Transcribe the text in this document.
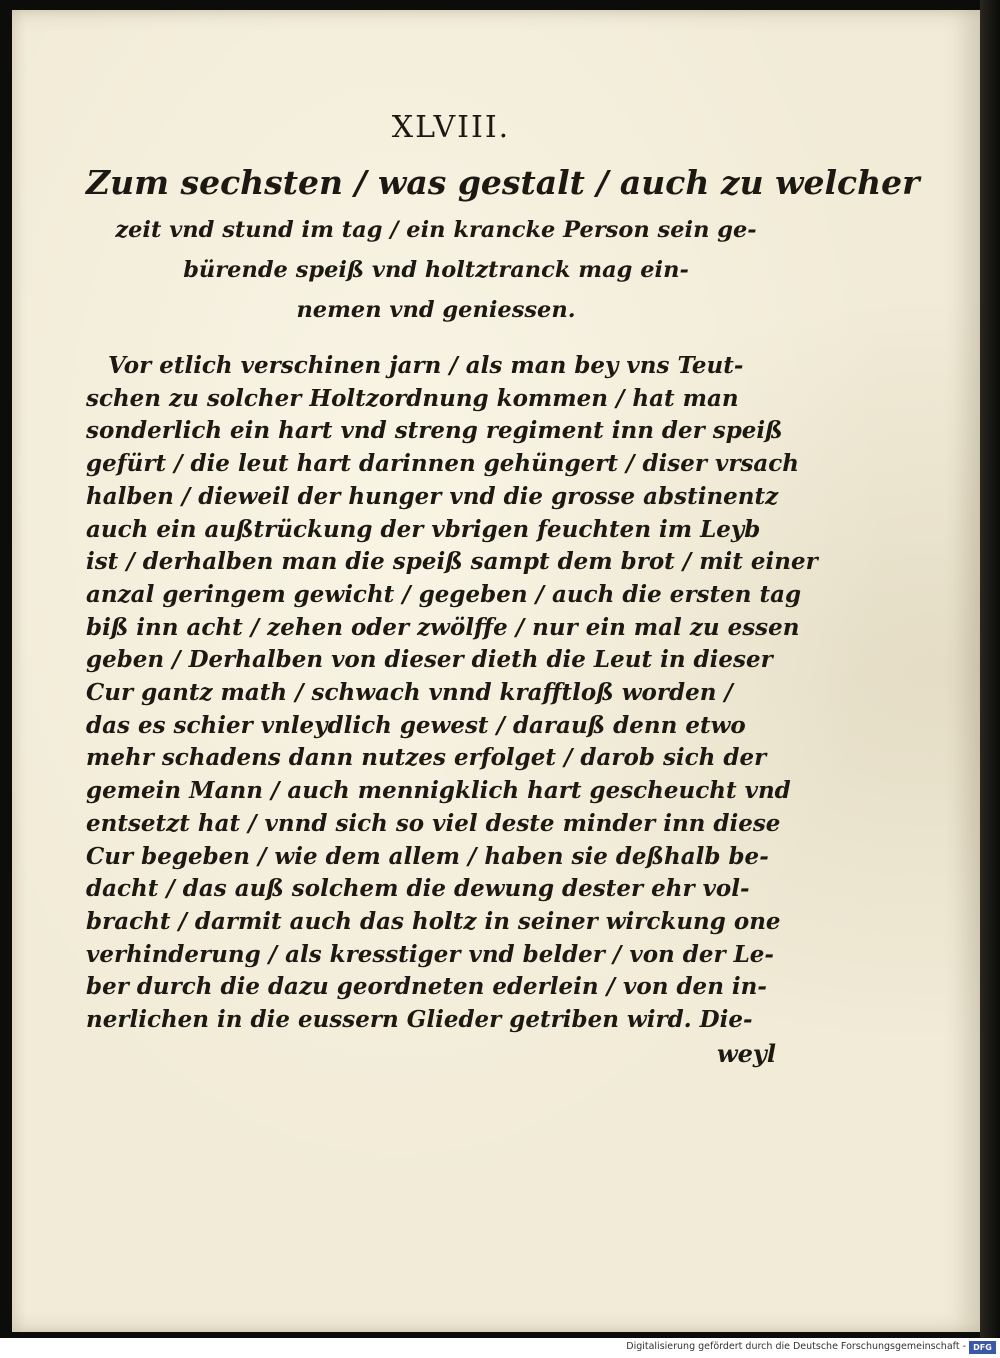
XLVIII.
Zum sechsten / was gestalt / auch zu welcher
zeit vnd stund im tag / ein krancke Person sein ge-
bürende speiß vnd holtztranck mag ein-
nemen vnd geniessen.
Vor etlich verschinen jarn / als man bey vns Teut-
schen zu solcher Holtzordnung kommen / hat man
sonderlich ein hart vnd streng regiment inn der speiß
gefürt / die leut hart darinnen gehüngert / diser vrsach
halben / dieweil der hunger vnd die grosse abstinentz
auch ein außtrückung der vbrigen feuchten im Leyb
ist / derhalben man die speiß sampt dem brot / mit einer
anzal geringem gewicht / gegeben / auch die ersten tag
biß inn acht / zehen oder zwölffe / nur ein mal zu essen
geben / Derhalben von dieser dieth die Leut in dieser
Cur gantz math / schwach vnnd krafftloß worden /
das es schier vnleydlich gewest / darauß denn etwo
mehr schadens dann nutzes erfolget / darob sich der
gemein Mann / auch mennigklich hart gescheucht vnd
entsetzt hat / vnnd sich so viel deste minder inn diese
Cur begeben / wie dem allem / haben sie deßhalb be-
dacht / das auß solchem die dewung dester ehr vol-
bracht / darmit auch das holtz in seiner wirckung one
verhinderung / als kresstiger vnd belder / von der Le-
ber durch die dazu geordneten ederlein / von den in-
nerlichen in die eussern Glieder getriben wird. Die-
weyl
Digitalisierung gefördert durch die Deutsche Forschungsgemeinschaft - DFG
